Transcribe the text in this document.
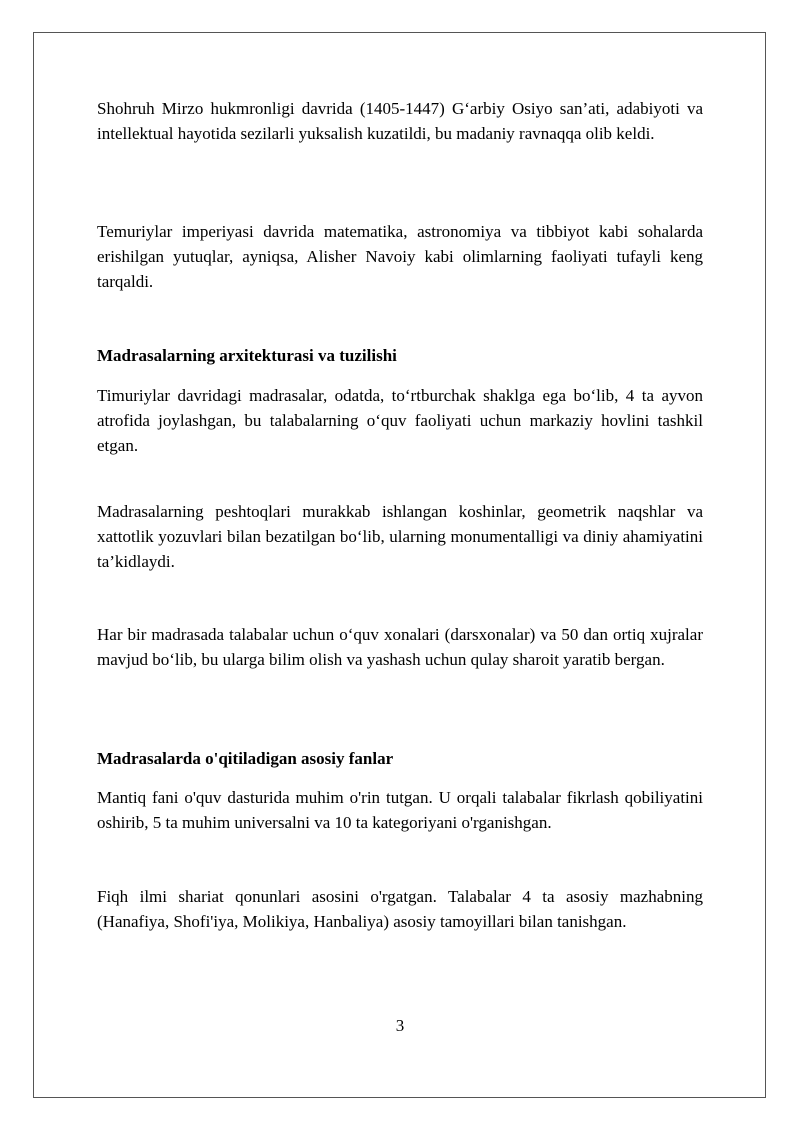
Shohruh Mirzo hukmronligi davrida (1405-1447) G‘arbiy Osiyo san’ati, adabiyoti va intellektual hayotida sezilarli yuksalish kuzatildi, bu madaniy ravnaqqa olib keldi.

Temuriylar imperiyasi davrida matematika, astronomiya va tibbiyot kabi sohalarda erishilgan yutuqlar, ayniqsa, Alisher Navoiy kabi olimlarning faoliyati tufayli keng tarqaldi.

Madrasalarning arxitekturasi va tuzilishi

Timuriylar davridagi madrasalar, odatda, to‘rtburchak shaklga ega bo‘lib, 4 ta ayvon atrofida joylashgan, bu talabalarning o‘quv faoliyati uchun markaziy hovlini tashkil etgan.

Madrasalarning peshtoqlari murakkab ishlangan koshinlar, geometrik naqshlar va xattotlik yozuvlari bilan bezatilgan bo‘lib, ularning monumentalligi va diniy ahamiyatini ta’kidlaydi.

Har bir madrasada talabalar uchun o‘quv xonalari (darsxonalar) va 50 dan ortiq xujralar mavjud bo‘lib, bu ularga bilim olish va yashash uchun qulay sharoit yaratib bergan.

Madrasalarda o'qitiladigan asosiy fanlar

Mantiq fani o'quv dasturida muhim o'rin tutgan. U orqali talabalar fikrlash qobiliyatini oshirib, 5 ta muhim universalni va 10 ta kategoriyani o'rganishgan.

Fiqh ilmi shariat qonunlari asosini o'rgatgan. Talabalar 4 ta asosiy mazhabning (Hanafiya, Shofi'iya, Molikiya, Hanbaliya) asosiy tamoyillari bilan tanishgan.

3
